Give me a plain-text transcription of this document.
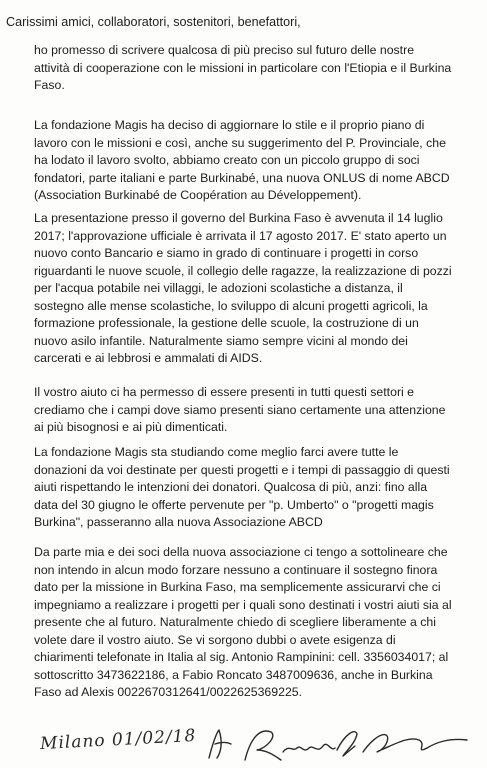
Carissimi amici, collaboratori, sostenitori, benefattori,
ho promesso di scrivere qualcosa di più preciso sul futuro delle nostre
attività di cooperazione con le missioni in particolare con l'Etiopia e il Burkina
Faso.
La fondazione Magis ha deciso di aggiornare lo stile e il proprio piano di
lavoro con le missioni e così, anche su suggerimento del P. Provinciale, che
ha lodato il lavoro svolto, abbiamo creato con un piccolo gruppo di soci
fondatori, parte italiani e parte Burkinabé, una nuova ONLUS di nome ABCD
(Association Burkinabé de Coopération au Développement).
La presentazione presso il governo del Burkina Faso è avvenuta il 14 luglio
2017; l'approvazione ufficiale è arrivata il 17 agosto 2017. E' stato aperto un
nuovo conto Bancario e siamo in grado di continuare i progetti in corso
riguardanti le nuove scuole, il collegio delle ragazze, la realizzazione di pozzi
per l'acqua potabile nei villaggi, le adozioni scolastiche a distanza, il
sostegno alle mense scolastiche, lo sviluppo di alcuni progetti agricoli, la
formazione professionale, la gestione delle scuole, la costruzione di un
nuovo asilo infantile. Naturalmente siamo sempre vicini al mondo dei
carcerati e ai lebbrosi e ammalati di AIDS.
Il vostro aiuto ci ha permesso di essere presenti in tutti questi settori e
crediamo che i campi dove siamo presenti siano certamente una attenzione
ai più bisognosi e ai più dimenticati.
La fondazione Magis sta studiando come meglio farci avere tutte le
donazioni da voi destinate per questi progetti e i tempi di passaggio di questi
aiuti rispettando le intenzioni dei donatori. Qualcosa di più, anzi: fino alla
data del 30 giugno le offerte pervenute per "p. Umberto" o "progetti magis
Burkina", passeranno alla nuova Associazione ABCD
Da parte mia e dei soci della nuova associazione ci tengo a sottolineare che
non intendo in alcun modo forzare nessuno a continuare il sostegno finora
dato per la missione in Burkina Faso, ma semplicemente assicurarvi che ci
impegniamo a realizzare i progetti per i quali sono destinati i vostri aiuti sia al
presente che al futuro. Naturalmente chiedo di scegliere liberamente a chi
volete dare il vostro aiuto. Se vi sorgono dubbi o avete esigenza di
chiarimenti telefonate in Italia al sig. Antonio Rampinini: cell. 3356034017; al
sottoscritto 3473622186, a Fabio Roncato 3487009636, anche in Burkina
Faso ad Alexis 0022670312641/0022625369225.
Milano 01/02/18
